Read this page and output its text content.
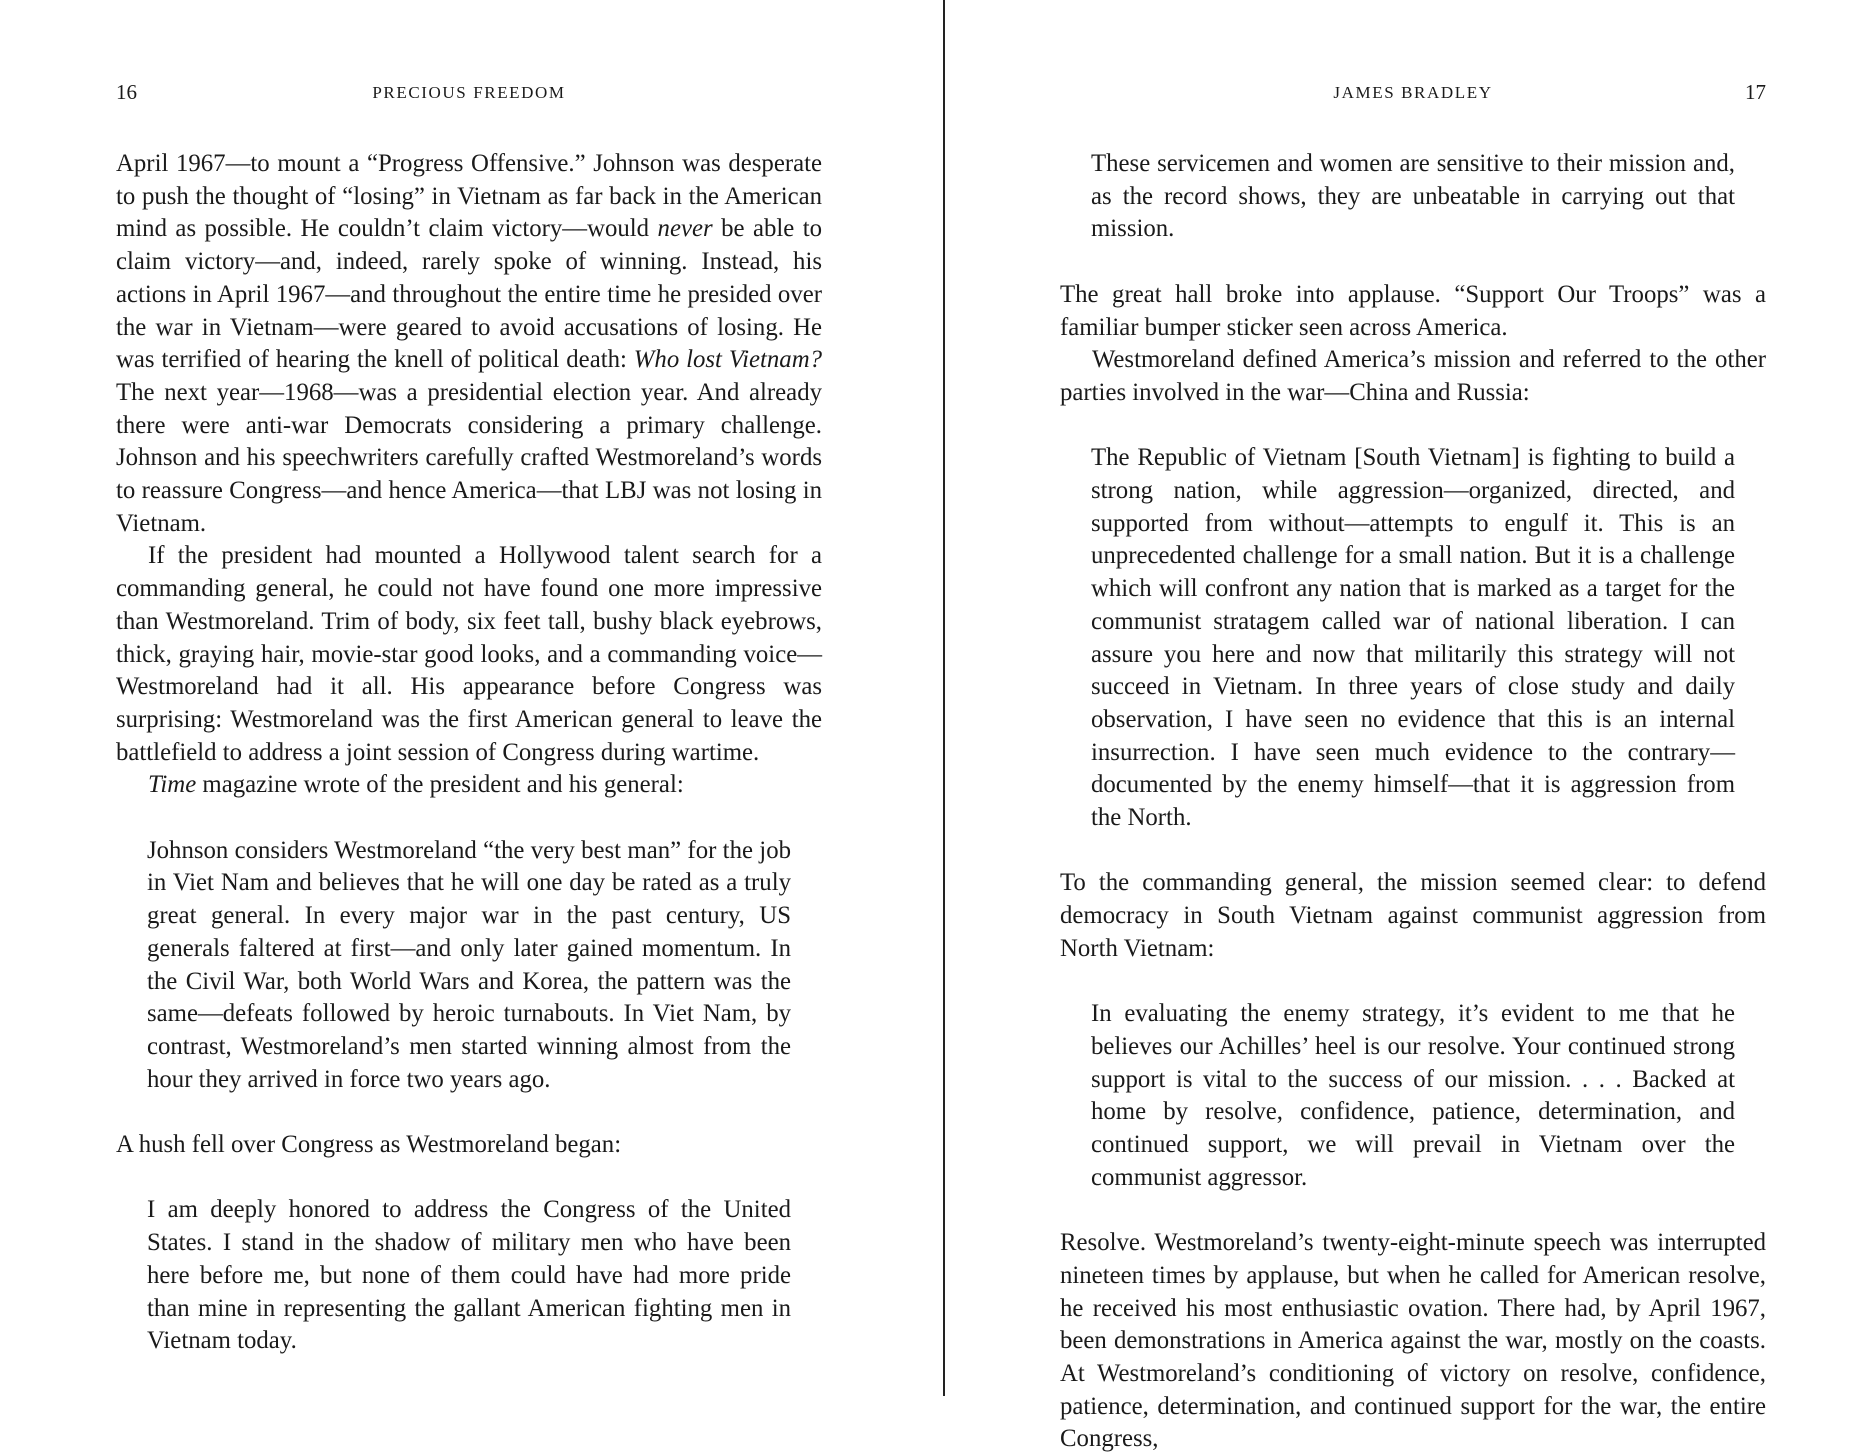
16	PRECIOUS FREEDOM

April 1967—to mount a “Progress Offensive.” Johnson was desperate to push the thought of “losing” in Vietnam as far back in the American mind as possible. He couldn’t claim victory—would never be able to claim victory—and, indeed, rarely spoke of winning. Instead, his actions in April 1967—and throughout the entire time he presided over the war in Vietnam—were geared to avoid accusations of losing. He was terrified of hearing the knell of political death: Who lost Vietnam? The next year—1968—was a presidential election year. And already there were anti-war Democrats considering a primary challenge. Johnson and his speechwriters carefully crafted Westmoreland’s words to reassure Congress—and hence America—that LBJ was not losing in Vietnam.

If the president had mounted a Hollywood talent search for a commanding general, he could not have found one more impressive than Westmoreland. Trim of body, six feet tall, bushy black eyebrows, thick, graying hair, movie-star good looks, and a commanding voice—Westmoreland had it all. His appearance before Congress was surprising: Westmoreland was the first American general to leave the battlefield to address a joint session of Congress during wartime.

Time magazine wrote of the president and his general:

Johnson considers Westmoreland “the very best man” for the job in Viet Nam and believes that he will one day be rated as a truly great general. In every major war in the past century, US generals faltered at first—and only later gained momentum. In the Civil War, both World Wars and Korea, the pattern was the same—defeats followed by heroic turnabouts. In Viet Nam, by contrast, Westmoreland’s men started winning almost from the hour they arrived in force two years ago.

A hush fell over Congress as Westmoreland began:

I am deeply honored to address the Congress of the United States. I stand in the shadow of military men who have been here before me, but none of them could have had more pride than mine in representing the gallant American fighting men in Vietnam today.
JAMES BRADLEY	17
These servicemen and women are sensitive to their mission and, as the record shows, they are unbeatable in carrying out that mission.

The great hall broke into applause. “Support Our Troops” was a familiar bumper sticker seen across America.

Westmoreland defined America’s mission and referred to the other parties involved in the war—China and Russia:

The Republic of Vietnam [South Vietnam] is fighting to build a strong nation, while aggression—organized, directed, and supported from without—attempts to engulf it. This is an unprecedented challenge for a small nation. But it is a challenge which will confront any nation that is marked as a target for the communist stratagem called war of national liberation. I can assure you here and now that militarily this strategy will not succeed in Vietnam. In three years of close study and daily observation, I have seen no evidence that this is an internal insurrection. I have seen much evidence to the contrary—documented by the enemy himself—that it is aggression from the North.

To the commanding general, the mission seemed clear: to defend democracy in South Vietnam against communist aggression from North Vietnam:

In evaluating the enemy strategy, it’s evident to me that he believes our Achilles’ heel is our resolve. Your continued strong support is vital to the success of our mission. . . . Backed at home by resolve, confidence, patience, determination, and continued support, we will prevail in Vietnam over the communist aggressor.

Resolve. Westmoreland’s twenty-eight-minute speech was interrupted nineteen times by applause, but when he called for American resolve, he received his most enthusiastic ovation. There had, by April 1967, been demonstrations in America against the war, mostly on the coasts. At Westmoreland’s conditioning of victory on resolve, confidence, patience, determination, and continued support for the war, the entire Congress,
